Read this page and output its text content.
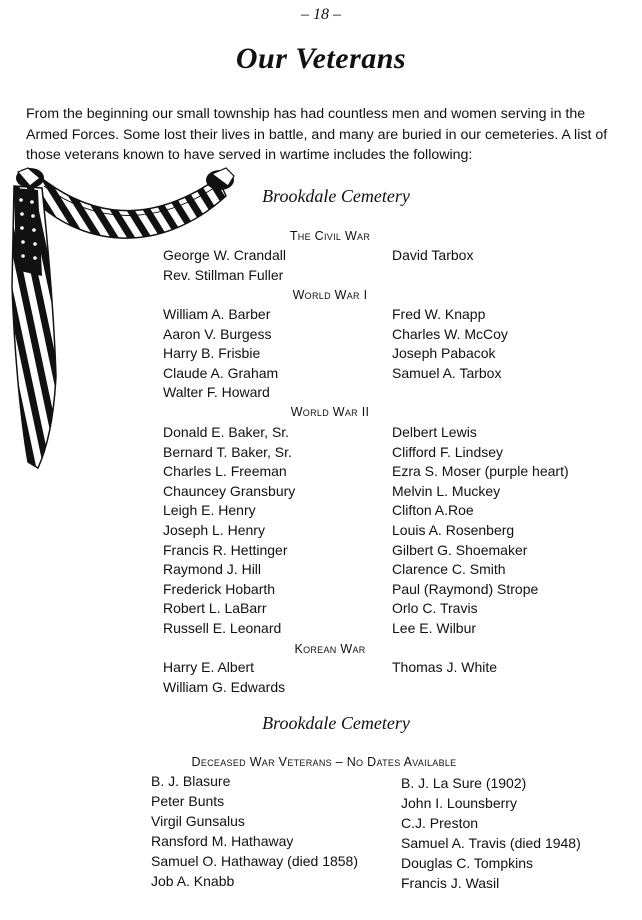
– 18 –
Our Veterans
From the beginning our small township has had countless men and women serving in the Armed Forces. Some lost their lives in battle, and many are buried in our cemeteries. A list of those veterans known to have served in wartime includes the following:
Brookdale Cemetery
The Civil War
George W. Crandall
Rev. Stillman Fuller
David Tarbox
World War I
William A. Barber
Aaron V. Burgess
Harry B. Frisbie
Claude A. Graham
Walter F. Howard
Fred W. Knapp
Charles W. McCoy
Joseph Pabacok
Samuel A. Tarbox
World War II
Donald E. Baker, Sr.
Bernard T. Baker, Sr.
Charles L. Freeman
Chauncey Gransbury
Leigh E. Henry
Joseph L. Henry
Francis R. Hettinger
Raymond J. Hill
Frederick Hobarth
Robert L. LaBarr
Russell E. Leonard
Delbert Lewis
Clifford F. Lindsey
Ezra S. Moser (purple heart)
Melvin L. Muckey
Clifton A.Roe
Louis A. Rosenberg
Gilbert G. Shoemaker
Clarence C. Smith
Paul (Raymond) Strope
Orlo C. Travis
Lee E. Wilbur
Korean War
Harry E. Albert
William G. Edwards
Thomas J. White
Brookdale Cemetery
Deceased War Veterans – No Dates Available
B. J. Blasure
Peter Bunts
Virgil Gunsalus
Ransford M. Hathaway
Samuel O. Hathaway (died 1858)
Job A. Knabb
B. J. La Sure (1902)
John I. Lounsberry
C.J. Preston
Samuel A. Travis (died 1948)
Douglas C. Tompkins
Francis J. Wasil
